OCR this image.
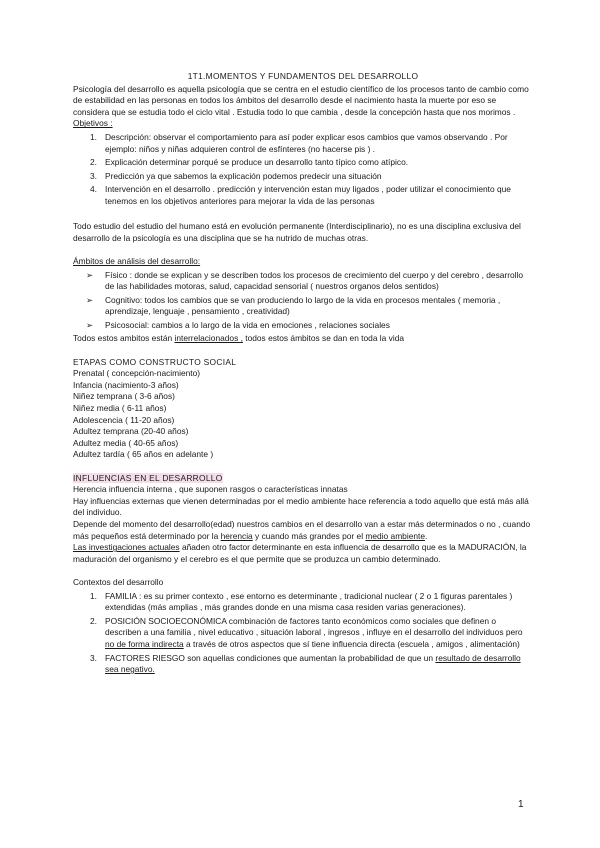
1T1.MOMENTOS Y FUNDAMENTOS DEL DESARROLLO

Psicología del desarrollo es aquella psicología que se centra en el estudio científico de los procesos tanto de cambio como de estabilidad en las personas en todos los ámbitos del desarrollo desde el nacimiento hasta la muerte por eso se considera que se estudia todo el ciclo vital . Estudia todo lo que cambia , desde la concepción hasta que nos morimos .

Objetivos :

1. Descripción: observar el comportamiento para así poder explicar esos cambios que vamos observando . Por ejemplo: niños y niñas adquieren control de esfínteres (no hacerse pis ) .
2. Explicación determinar porqué se produce un desarrollo tanto típico como atípico.
3. Predicción ya que sabemos la explicación podemos predecir una situación
4. Intervención en el desarrollo . predicción y intervención estan muy ligados , poder utilizar el conocimiento que tenemos en los objetivos anteriores para mejorar la vida de las personas

Todo estudio del estudio del humano está en evolución permanente (Interdisciplinario), no es una disciplina exclusiva del desarrollo de la psicología es una disciplina que se ha nutrido de muchas otras.

Ámbitos de análisis del desarrollo:

➢ Físico : donde se explican y se describen todos los procesos de crecimiento del cuerpo y del cerebro , desarrollo de las habilidades motoras, salud, capacidad sensorial ( nuestros organos delos sentidos)
➢ Cognitivo: todos los cambios que se van produciendo lo largo de la vida en procesos mentales ( memoria , aprendizaje, lenguaje , pensamiento , creatividad)
➢ Psicosocial: cambios a lo largo de la vida en emociones , relaciones sociales

Todos estos ambitos están interrelacionados , todos estos ámbitos se dan en toda la vida

ETAPAS COMO CONSTRUCTO SOCIAL

Prenatal ( concepción-nacimiento)

Infancia (nacimiento-3 años)

Niñez temprana ( 3-6 años)

Niñez media ( 6-11 años)

Adolescencia ( 11-20 años)

Adultez temprana (20-40 años)

Adultez media ( 40-65 años)

Adultez tardía ( 65 años en adelante )

INFLUENCIAS EN EL DESARROLLO

Herencia influencia interna , que suponen rasgos o características innatas

Hay influencias externas que vienen determinadas por el medio ambiente hace referencia a todo aquello que está más allá del individuo.

Depende del momento del desarrollo(edad) nuestros cambios en el desarrollo van a estar más determinados o no , cuando más pequeños está determinado por la herencia y cuando más grandes por el medio ambiente.

Las investigaciones actuales añaden otro factor determinante en esta influencia de desarrollo que es la MADURACIÓN, la maduración del organismo y el cerebro es el que permite que se produzca un cambio determinado.

Contextos del desarrollo

1. FAMILIA : es su primer contexto , ese entorno es determinante , tradicional nuclear ( 2 o 1 figuras parentales ) extendidas (más amplias , más grandes donde en una misma casa residen varias generaciones).
2. POSICIÓN SOCIOECONÓMICA combinación de factores tanto económicos como sociales que definen o describen a una familia , nivel educativo , situación laboral , ingresos , influye en el desarrollo del individuos pero no de forma indirecta a través de otros aspectos que sí tiene influencia directa (escuela , amigos , alimentación)
3. FACTORES RIESGO son aquellas condiciones que aumentan la probabilidad de que un resultado de desarrollo sea negativo.
1
